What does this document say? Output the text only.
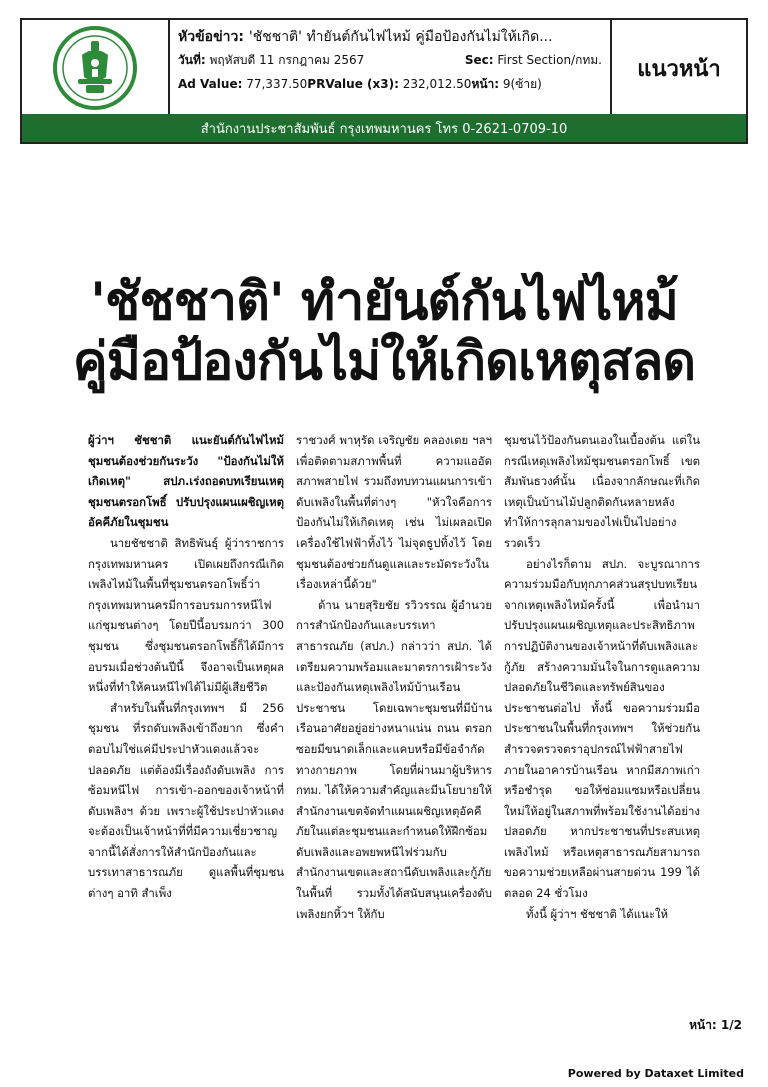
หัวข้อข่าว: 'ชัชชาติ' ทำยันต์กันไฟไหม้ คู่มือป้องกันไม่ให้เกิด...
วันที่: พฤหัสบดี 11 กรกฎาคม 2567	Sec: First Section/กทม.
Ad Value:
77,337.50 PRValue (x3):
232,012.50 หน้า:
9(ซ้าย)
แนวหน้า
สำนักงานประชาสัมพันธ์ กรุงเทพมหานคร โทร 0-2621-0709-10
'ชัชชาติ' ทำยันต์กันไฟไหม้
คู่มือป้องกันไม่ให้เกิดเหตุสลด

ผู้ว่าฯ ชัชชาติ แนะยันต์กันไฟไหม้ ชุมชนต้องช่วยกันระวัง "ป้องกันไม่ให้เกิดเหตุ" สปภ.เร่งถอดบทเรียนเหตุชุมชนตรอกโพธิ์ ปรับปรุงแผนเผชิญเหตุอัคคีภัยในชุมชน

นายชัชชาติ สิทธิพันธุ์ ผู้ว่าราชการกรุงเทพมหานคร เปิดเผยถึงกรณีเกิดเพลิงไหม้ในพื้นที่ชุมชนตรอกโพธิ์ว่า กรุงเทพมหานครมีการอบรมการหนีไฟแก่ชุมชนต่างๆ โดยปีนี้อบรมกว่า 300 ชุมชน ซึ่งชุมชนตรอกโพธิ์ก็ได้มีการอบรมเมื่อช่วงต้นปีนี้ จึงอาจเป็นเหตุผลหนึ่งที่ทำให้คนหนีไฟได้ไม่มีผู้เสียชีวิต

สำหรับในพื้นที่กรุงเทพฯ มี 256 ชุมชน ที่รถดับเพลิงเข้าถึงยาก ซึ่งคำตอบไม่ใช่แค่มีประปาหัวแดงแล้วจะปลอดภัย แต่ต้องมีเรื่องถังดับเพลิง การซ้อมหนีไฟ การเข้า-ออกของเจ้าหน้าที่ดับเพลิงฯ ด้วย เพราะผู้ใช้ประปาหัวแดงจะต้องเป็นเจ้าหน้าที่ที่มีความเชี่ยวชาญ จากนี้ได้สั่งการให้สำนักป้องกันและบรรเทาสาธารณภัย ดูแลพื้นที่ชุมชนต่างๆ อาทิ สำเพ็ง

ราชวงศ์ พาหุรัด เจริญชัย คลองเตย ฯลฯ เพื่อติดตามสภาพพื้นที่ ความแออัด สภาพสายไฟ รวมถึงทบทวนแผนการเข้าดับเพลิงในพื้นที่ต่างๆ "หัวใจคือการป้องกันไม่ให้เกิดเหตุ เช่น ไม่เผลอเปิดเครื่องใช้ไฟฟ้าทิ้งไว้ ไม่จุดธูปทิ้งไว้ โดยชุมชนต้องช่วยกันดูแลและระมัดระวังในเรื่องเหล่านี้ด้วย"

ด้าน นายสุริยชัย รวิวรรณ ผู้อำนวยการสำนักป้องกันและบรรเทาสาธารณภัย (สปภ.) กล่าวว่า สปภ. ได้เตรียมความพร้อมและมาตรการเฝ้าระวังและป้องกันเหตุเพลิงไหม้บ้านเรือนประชาชน โดยเฉพาะชุมชนที่มีบ้านเรือนอาศัยอยู่อย่างหนาแน่น ถนน ตรอก ซอยมีขนาดเล็กและแคบหรือมีข้อจำกัดทางกายภาพ โดยที่ผ่านมาผู้บริหาร กทม. ได้ให้ความสำคัญและมีนโยบายให้สำนักงานเขตจัดทำแผนเผชิญเหตุอัคคีภัยในแต่ละชุมชนและกำหนดให้ฝึกซ้อมดับเพลิงและอพยพหนีไฟร่วมกับสำนักงานเขตและสถานีดับเพลิงและกู้ภัยในพื้นที่ รวมทั้งได้สนับสนุนเครื่องดับเพลิงยกหิ้วฯ ให้กับ

ชุมชนไว้ป้องกันตนเองในเบื้องต้น แต่ในกรณีเหตุเพลิงไหม้ชุมชนตรอกโพธิ์ เขตสัมพันธวงศ์นั้น เนื่องจากลักษณะที่เกิดเหตุเป็นบ้านไม้ปลูกติดกันหลายหลัง ทำให้การลุกลามของไฟเป็นไปอย่างรวดเร็ว

อย่างไรก็ตาม สปภ. จะบูรณาการความร่วมมือกับทุกภาคส่วนสรุปบทเรียนจากเหตุเพลิงไหม้ครั้งนี้ เพื่อนำมาปรับปรุงแผนเผชิญเหตุและประสิทธิภาพการปฏิบัติงานของเจ้าหน้าที่ดับเพลิงและกู้ภัย สร้างความมั่นใจในการดูแลความปลอดภัยในชีวิตและทรัพย์สินของประชาชนต่อไป ทั้งนี้ ขอความร่วมมือประชาชนในพื้นที่กรุงเทพฯ ให้ช่วยกันสำรวจตรวจตราอุปกรณ์ไฟฟ้าสายไฟภายในอาคารบ้านเรือน หากมีสภาพเก่า หรือชำรุด ขอให้ซ่อมแซมหรือเปลี่ยนใหม่ให้อยู่ในสภาพที่พร้อมใช้งานได้อย่างปลอดภัย หากประชาชนที่ประสบเหตุเพลิงไหม้ หรือเหตุสาธารณภัยสามารถขอความช่วยเหลือผ่านสายด่วน 199 ได้ตลอด 24 ชั่วโมง

ทั้งนี้ ผู้ว่าฯ ชัชชาติ ได้แนะให้

หน้า: 1/2
Powered by Dataxet Limited
